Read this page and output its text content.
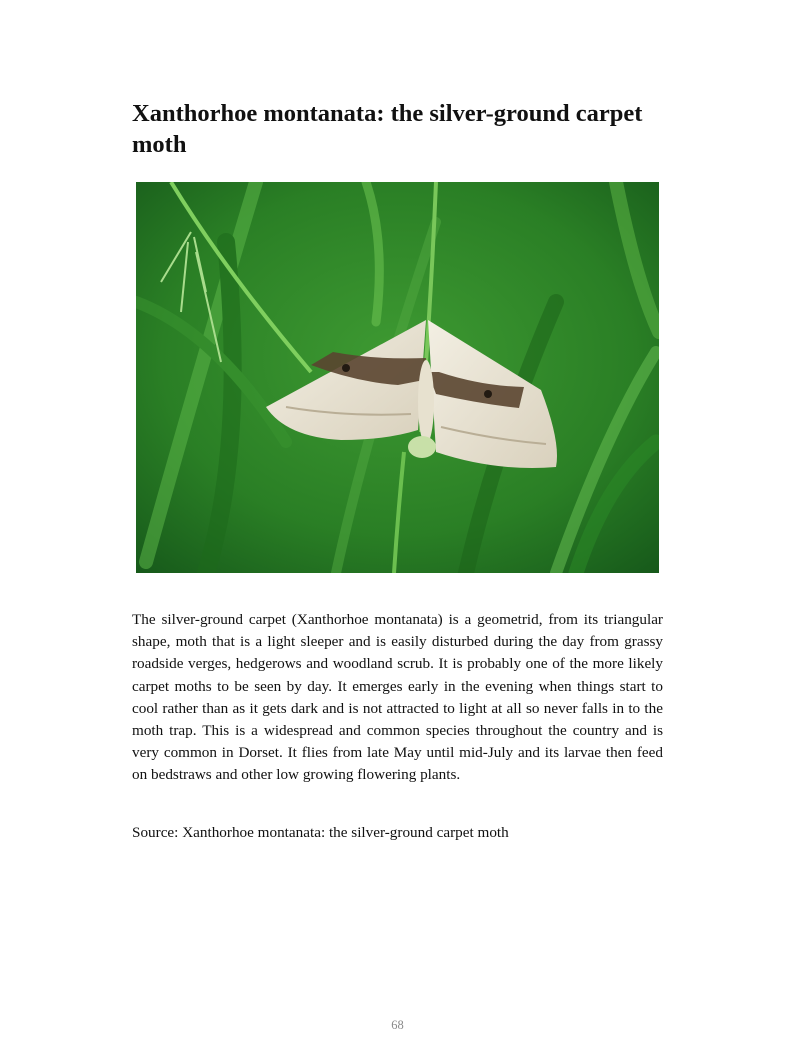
Xanthorhoe montanata: the silver-ground carpet moth

The silver-ground carpet (Xanthorhoe montanata) is a geometrid, from its triangular shape, moth that is a light sleeper and is easily disturbed during the day from grassy roadside verges, hedgerows and woodland scrub. It is probably one of the more likely carpet moths to be seen by day. It emerges early in the evening when things start to cool rather than as it gets dark and is not attracted to light at all so never falls in to the moth trap. This is a widespread and common species throughout the country and is very common in Dorset. It flies from late May until mid-July and its larvae then feed on bedstraws and other low growing flowering plants.

Source: Xanthorhoe montanata: the silver-ground carpet moth

68
